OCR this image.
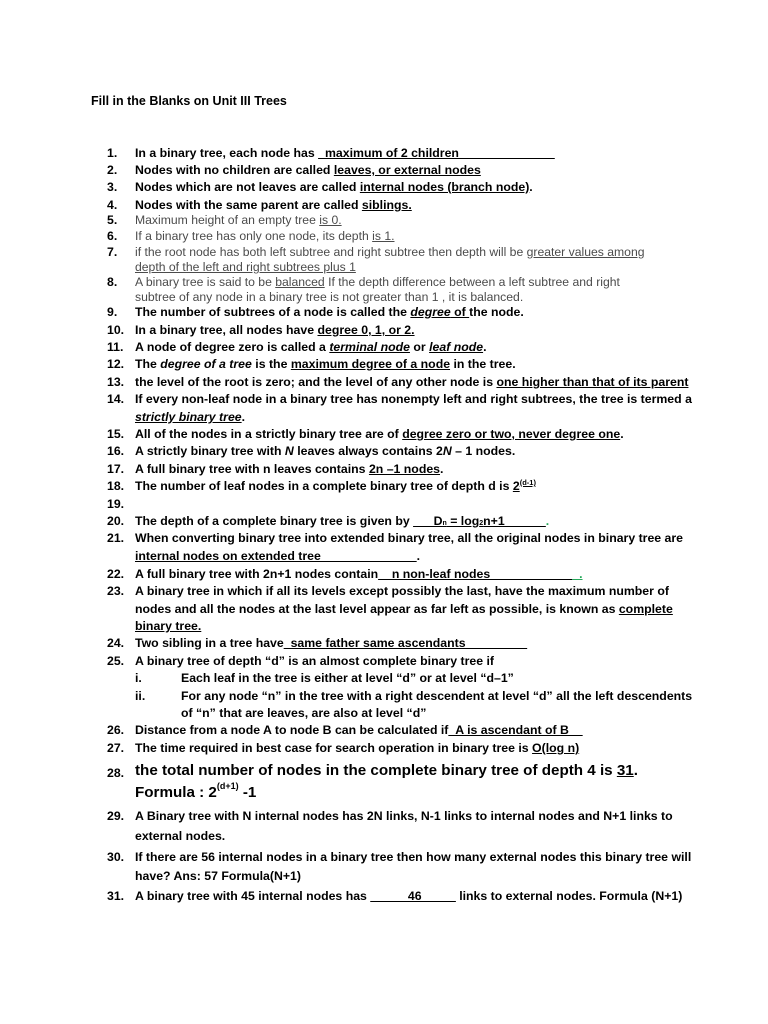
Fill in the Blanks on Unit III Trees
1. In a binary tree, each node has _maximum of 2 children______________
2. Nodes with no children are called leaves, or external nodes
3. Nodes which are not leaves are called internal nodes (branch node).
4. Nodes with the same parent are called siblings.
5. Maximum height of an empty tree is 0.
6. If a binary tree has only one node, its depth is 1.
7. if the root node has both left subtree and right subtree then depth will be greater values among
depth of the left and right subtrees plus 1
8. A binary tree is said to be balanced If the depth difference between a left subtree and right
subtree of any node in a binary tree is not greater than 1 , it is balanced.
9. The number of subtrees of a node is called the degree of the node.
10. In a binary tree, all nodes have degree 0, 1, or 2.
11. A node of degree zero is called a terminal node or leaf node.
12. The degree of a tree is the maximum degree of a node in the tree.
13. the level of the root is zero; and the level of any other node is one higher than that of its parent
14. If every non-leaf node in a binary tree has nonempty left and right subtrees, the tree is termed a
strictly binary tree.
15. All of the nodes in a strictly binary tree are of degree zero or two, never degree one.
16. A strictly binary tree with N leaves always contains 2N – 1 nodes.
17. A full binary tree with n leaves contains 2n –1 nodes.
18. The number of leaf nodes in a complete binary tree of depth d is 2$^{(d-1)}$
19.
20. The depth of a complete binary tree is given by ___Dn = log2n+1______.
21. When converting binary tree into extended binary tree, all the original nodes in binary tree are
internal nodes on extended tree______________.
22. A full binary tree with 2n+1 nodes contain__n non-leaf nodes_____________.
23. A binary tree in which if all its levels except possibly the last, have the maximum number of
nodes and all the nodes at the last level appear as far left as possible, is known as complete
binary tree.
24. Two sibling in a tree have_same father same ascendants_________
25. A binary tree of depth “d” is an almost complete binary tree if
i.	Each leaf in the tree is either at level “d” or at level “d–1”
ii.	For any node “n” in the tree with a right descendent at level “d” all the left descendents
of “n” that are leaves, are also at level “d”
26. Distance from a node A to node B can be calculated if_A is ascendant of B__
27. The time required in best case for search operation in binary tree is O(log n)
28. the total number of nodes in the complete binary tree of depth 4 is 31.
Formula : $2^{(d+1)}$ -1
29. A Binary tree with N internal nodes has 2N links, N-1 links to internal nodes and N+1 links to
external nodes.
30. If there are 56 internal nodes in a binary tree then how many external nodes this binary tree will
have? Ans: 57 Formula(N+1)
31. A binary tree with 45 internal nodes has _____ 46_____ links to external nodes. Formula (N+1)
